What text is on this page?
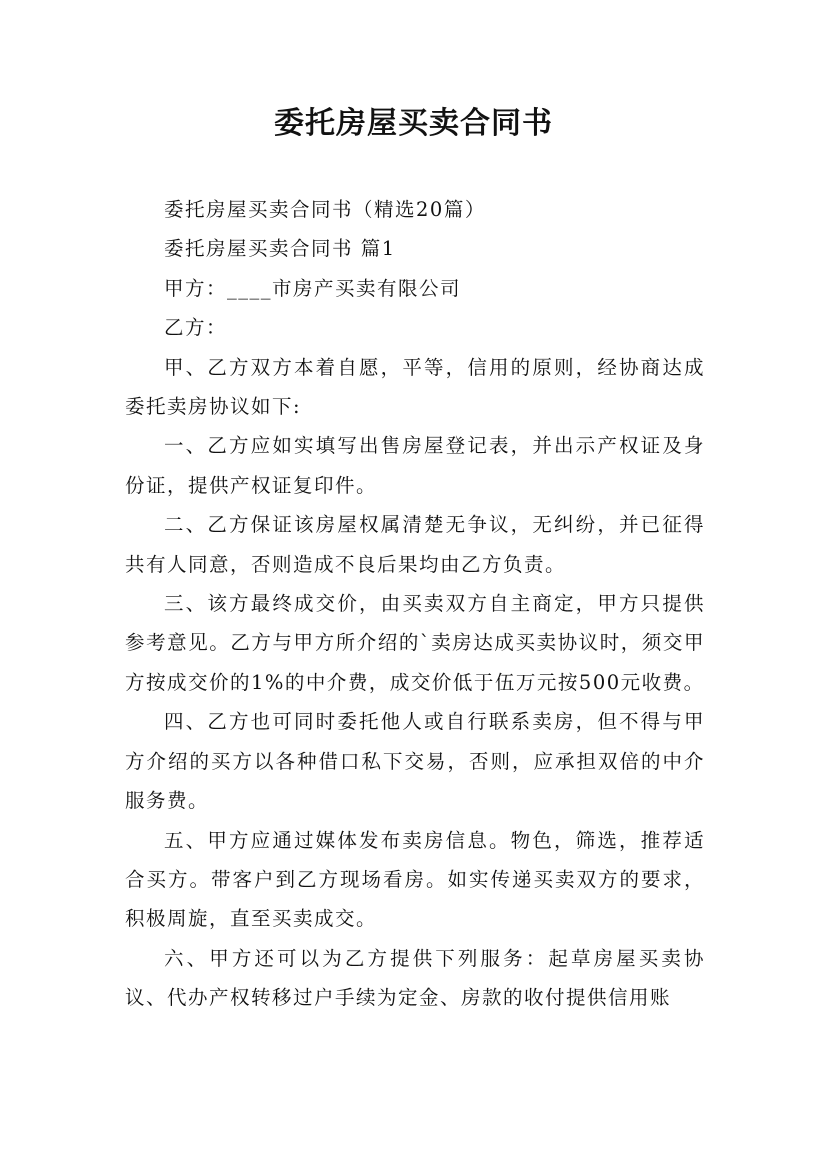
委托房屋买卖合同书

委托房屋买卖合同书（精选20篇）

委托房屋买卖合同书 篇1

甲方：____市房产买卖有限公司

乙方：

甲、乙方双方本着自愿，平等，信用的原则，经协商达成委托卖房协议如下:

一、乙方应如实填写出售房屋登记表，并出示产权证及身份证，提供产权证复印件。

二、乙方保证该房屋权属清楚无争议，无纠纷，并已征得共有人同意，否则造成不良后果均由乙方负责。

三、该方最终成交价，由买卖双方自主商定，甲方只提供参考意见。乙方与甲方所介绍的`卖房达成买卖协议时，须交甲方按成交价的1%的中介费，成交价低于伍万元按500元收费。

四、乙方也可同时委托他人或自行联系卖房，但不得与甲方介绍的买方以各种借口私下交易，否则，应承担双倍的中介服务费。

五、甲方应通过媒体发布卖房信息。物色，筛选，推荐适合买方。带客户到乙方现场看房。如实传递买卖双方的要求，积极周旋，直至买卖成交。

六、甲方还可以为乙方提供下列服务：起草房屋买卖协议、代办产权转移过户手续为定金、房款的收付提供信用账
